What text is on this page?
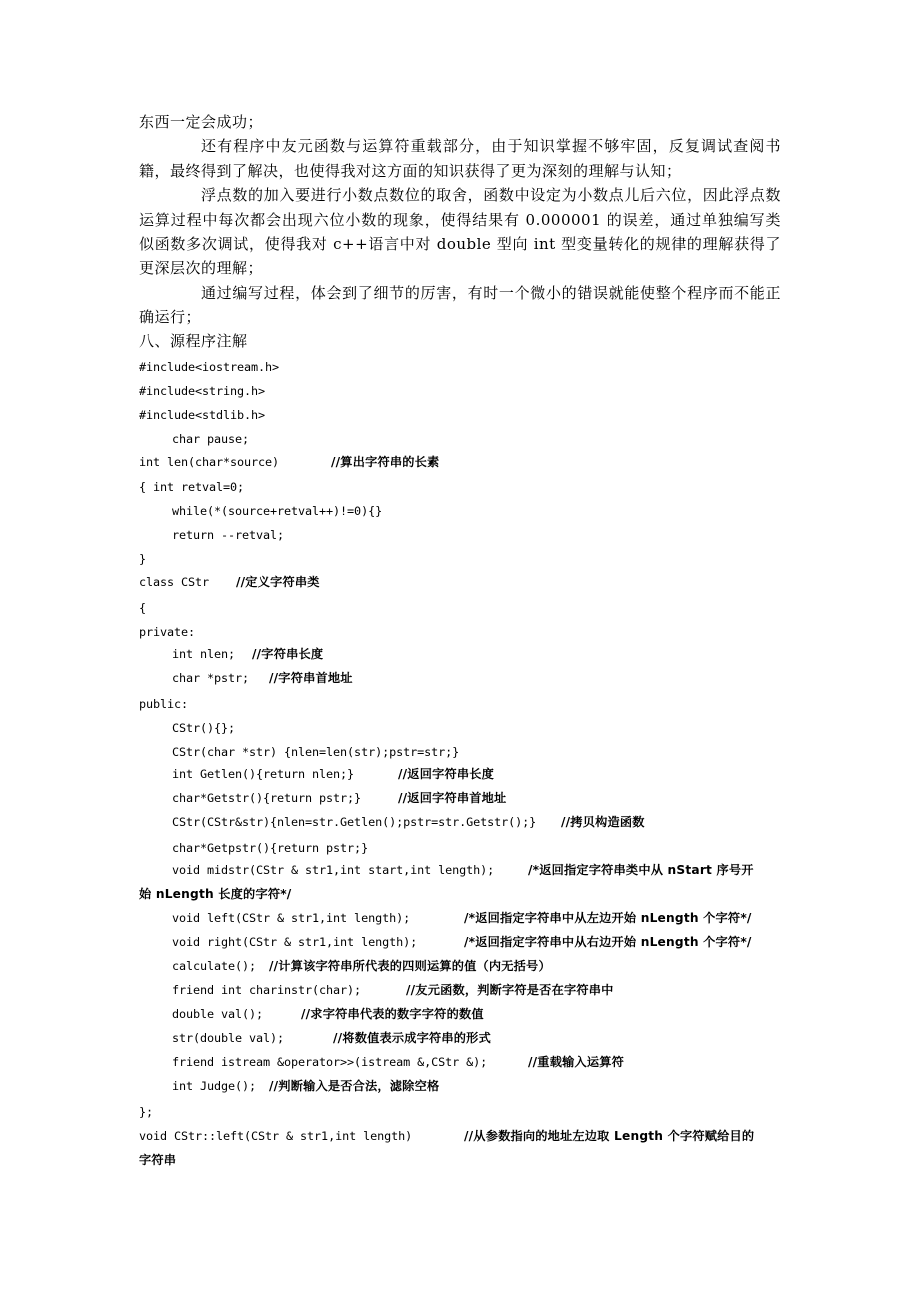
东西一定会成功；
还有程序中友元函数与运算符重载部分，由于知识掌握不够牢固，反复调试查阅书籍，最终得到了解决，也使得我对这方面的知识获得了更为深刻的理解与认知；
浮点数的加入要进行小数点数位的取舍，函数中设定为小数点儿后六位，因此浮点数运算过程中每次都会出现六位小数的现象，使得结果有 0.000001 的误差，通过单独编写类似函数多次调试，使得我对 c++语言中对 double 型向 int 型变量转化的规律的理解获得了更深层次的理解；
通过编写过程，体会到了细节的厉害，有时一个微小的错误就能使整个程序而不能正确运行；
八、源程序注解
#include<iostream.h>
#include<string.h>
#include<stdlib.h>
char pause;
int len(char*source)	//算出字符串的长素
{ int retval=0;
while(*(source+retval++)!=0){}
return --retval;
}
class CStr	//定义字符串类
{
private:
int nlen;	//字符串长度
char *pstr;	//字符串首地址
public:
CStr(){};
CStr(char *str) {nlen=len(str);pstr=str;}
int Getlen(){return nlen;}	//返回字符串长度
char*Getstr(){return pstr;}	//返回字符串首地址
CStr(CStr&str){nlen=str.Getlen();pstr=str.Getstr();}	//拷贝构造函数
char*Getpstr(){return pstr;}
void midstr(CStr & str1,int start,int length);	/*返回指定字符串类中从 nStart 序号开
始 nLength 长度的字符*/
void left(CStr & str1,int length);	/*返回指定字符串中从左边开始 nLength 个字符*/
void right(CStr & str1,int length);	/*返回指定字符串中从右边开始 nLength 个字符*/
calculate();	//计算该字符串所代表的四则运算的值（内无括号）
friend int charinstr(char);	//友元函数，判断字符是否在字符串中
double val();	//求字符串代表的数字字符的数值
str(double val);	//将数值表示成字符串的形式
friend istream &operator>>(istream &,CStr &);	//重载输入运算符
int Judge();	//判断输入是否合法，滤除空格
};
void CStr::left(CStr & str1,int length)	//从参数指向的地址左边取 Length 个字符赋给目的
字符串
